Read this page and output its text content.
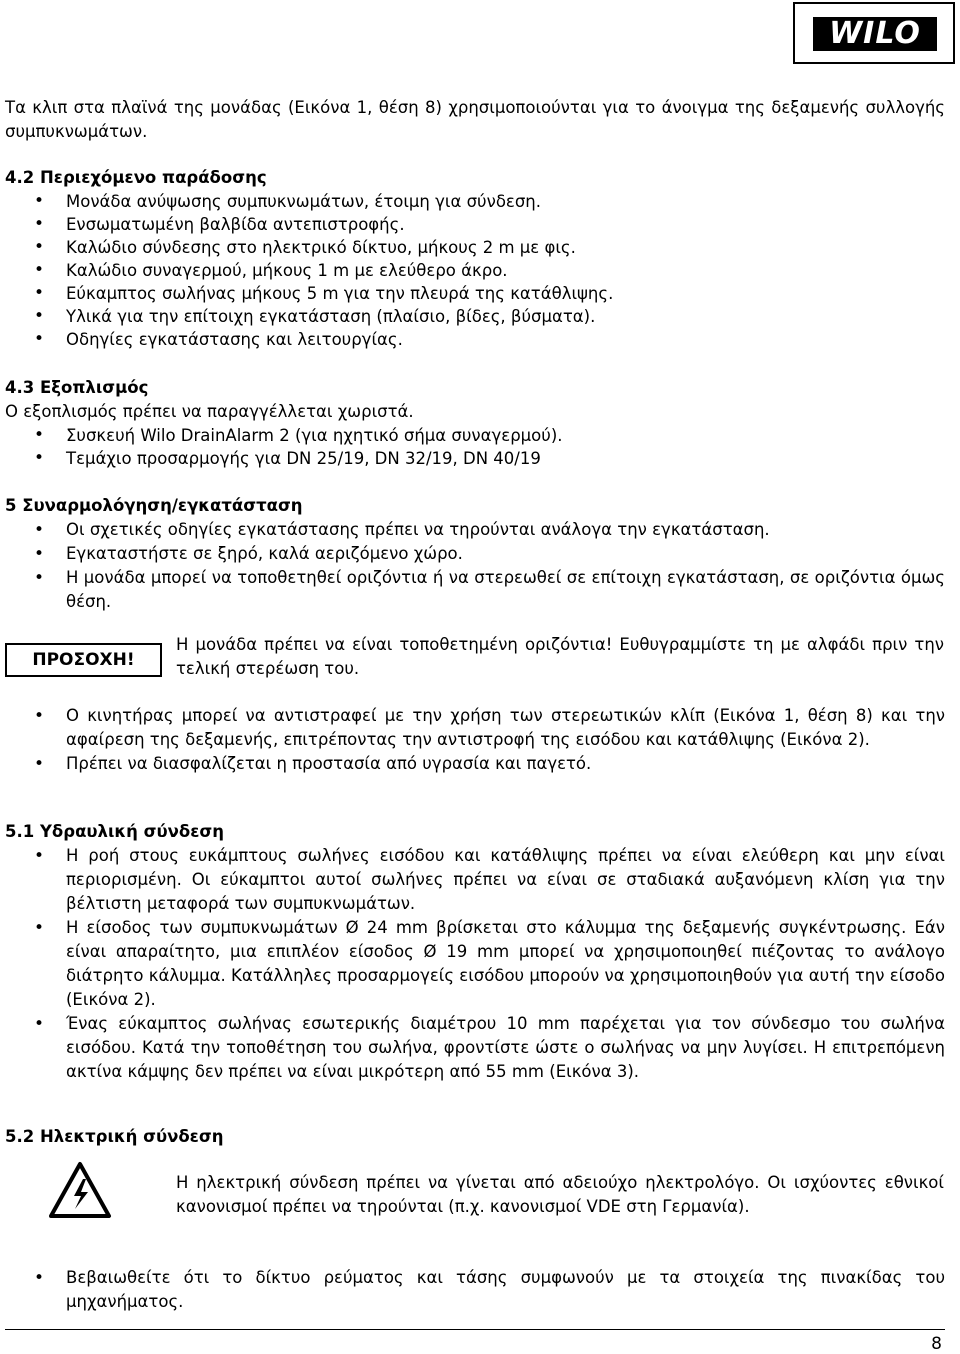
WILO
Τα κλιπ στα πλαϊνά της μονάδας (Εικόνα 1, θέση 8) χρησιμοποιούνται για το άνοιγμα της δεξαμενής συλλογής συμπυκνωμάτων.
4.2 Περιεχόμενο παράδοσης
• Μονάδα ανύψωσης συμπυκνωμάτων, έτοιμη για σύνδεση.
• Ενσωματωμένη βαλβίδα αντεπιστροφής.
• Καλώδιο σύνδεσης στο ηλεκτρικό δίκτυο, μήκους 2 m με φις.
• Καλώδιο συναγερμού, μήκους 1 m με ελεύθερο άκρο.
• Εύκαμπτος σωλήνας μήκους 5 m για την πλευρά της κατάθλιψης.
• Υλικά για την επίτοιχη εγκατάσταση (πλαίσιο, βίδες, βύσματα).
• Οδηγίες εγκατάστασης και λειτουργίας.
4.3 Εξοπλισμός
Ο εξοπλισμός πρέπει να παραγγέλλεται χωριστά.
• Συσκευή Wilo DrainAlarm 2 (για ηχητικό σήμα συναγερμού).
• Τεμάχιο προσαρμογής για DN 25/19, DN 32/19, DN 40/19
5 Συναρμολόγηση/εγκατάσταση
• Οι σχετικές οδηγίες εγκατάστασης πρέπει να τηρούνται ανάλογα την εγκατάσταση.
• Εγκαταστήστε σε ξηρό, καλά αεριζόμενο χώρο.
• Η μονάδα μπορεί να τοποθετηθεί οριζόντια ή να στερεωθεί σε επίτοιχη εγκατάσταση, σε οριζόντια όμως θέση.
ΠΡΟΣΟΧΗ!
Η μονάδα πρέπει να είναι τοποθετημένη οριζόντια! Ευθυγραμμίστε τη με αλφάδι πριν την τελική στερέωση του.
• Ο κινητήρας μπορεί να αντιστραφεί με την χρήση των στερεωτικών κλίπ (Εικόνα 1, θέση 8) και την αφαίρεση της δεξαμενής, επιτρέποντας την αντιστροφή της εισόδου και κατάθλιψης (Εικόνα 2).
• Πρέπει να διασφαλίζεται η προστασία από υγρασία και παγετό.
5.1 Υδραυλική σύνδεση
• Η ροή στους ευκάμπτους σωλήνες εισόδου και κατάθλιψης πρέπει να είναι ελεύθερη και μην είναι περιορισμένη. Οι εύκαμπτοι αυτοί σωλήνες πρέπει να είναι σε σταδιακά αυξανόμενη κλίση για την βέλτιστη μεταφορά των συμπυκνωμάτων.
• Η είσοδος των συμπυκνωμάτων Ø 24 mm βρίσκεται στο κάλυμμα της δεξαμενής συγκέντρωσης. Εάν είναι απαραίτητο, μια επιπλέον είσοδος Ø 19 mm μπορεί να χρησιμοποιηθεί πιέζοντας το ανάλογο διάτρητο κάλυμμα. Κατάλληλες προσαρμογείς εισόδου μπορούν να χρησιμοποιηθούν για αυτή την είσοδο (Εικόνα 2).
• Ένας εύκαμπτος σωλήνας εσωτερικής διαμέτρου 10 mm παρέχεται για τον σύνδεσμο του σωλήνα εισόδου. Κατά την τοποθέτηση του σωλήνα, φροντίστε ώστε ο σωλήνας να μην λυγίσει. Η επιτρεπόμενη ακτίνα κάμψης δεν πρέπει να είναι μικρότερη από 55 mm (Εικόνα 3).
5.2 Ηλεκτρική σύνδεση
Η ηλεκτρική σύνδεση πρέπει να γίνεται από αδειούχο ηλεκτρολόγο. Οι ισχύοντες εθνικοί κανονισμοί πρέπει να τηρούνται (π.χ. κανονισμοί VDE στη Γερμανία).
• Βεβαιωθείτε ότι το δίκτυο ρεύματος και τάσης συμφωνούν με τα στοιχεία της πινακίδας του μηχανήματος.
8
